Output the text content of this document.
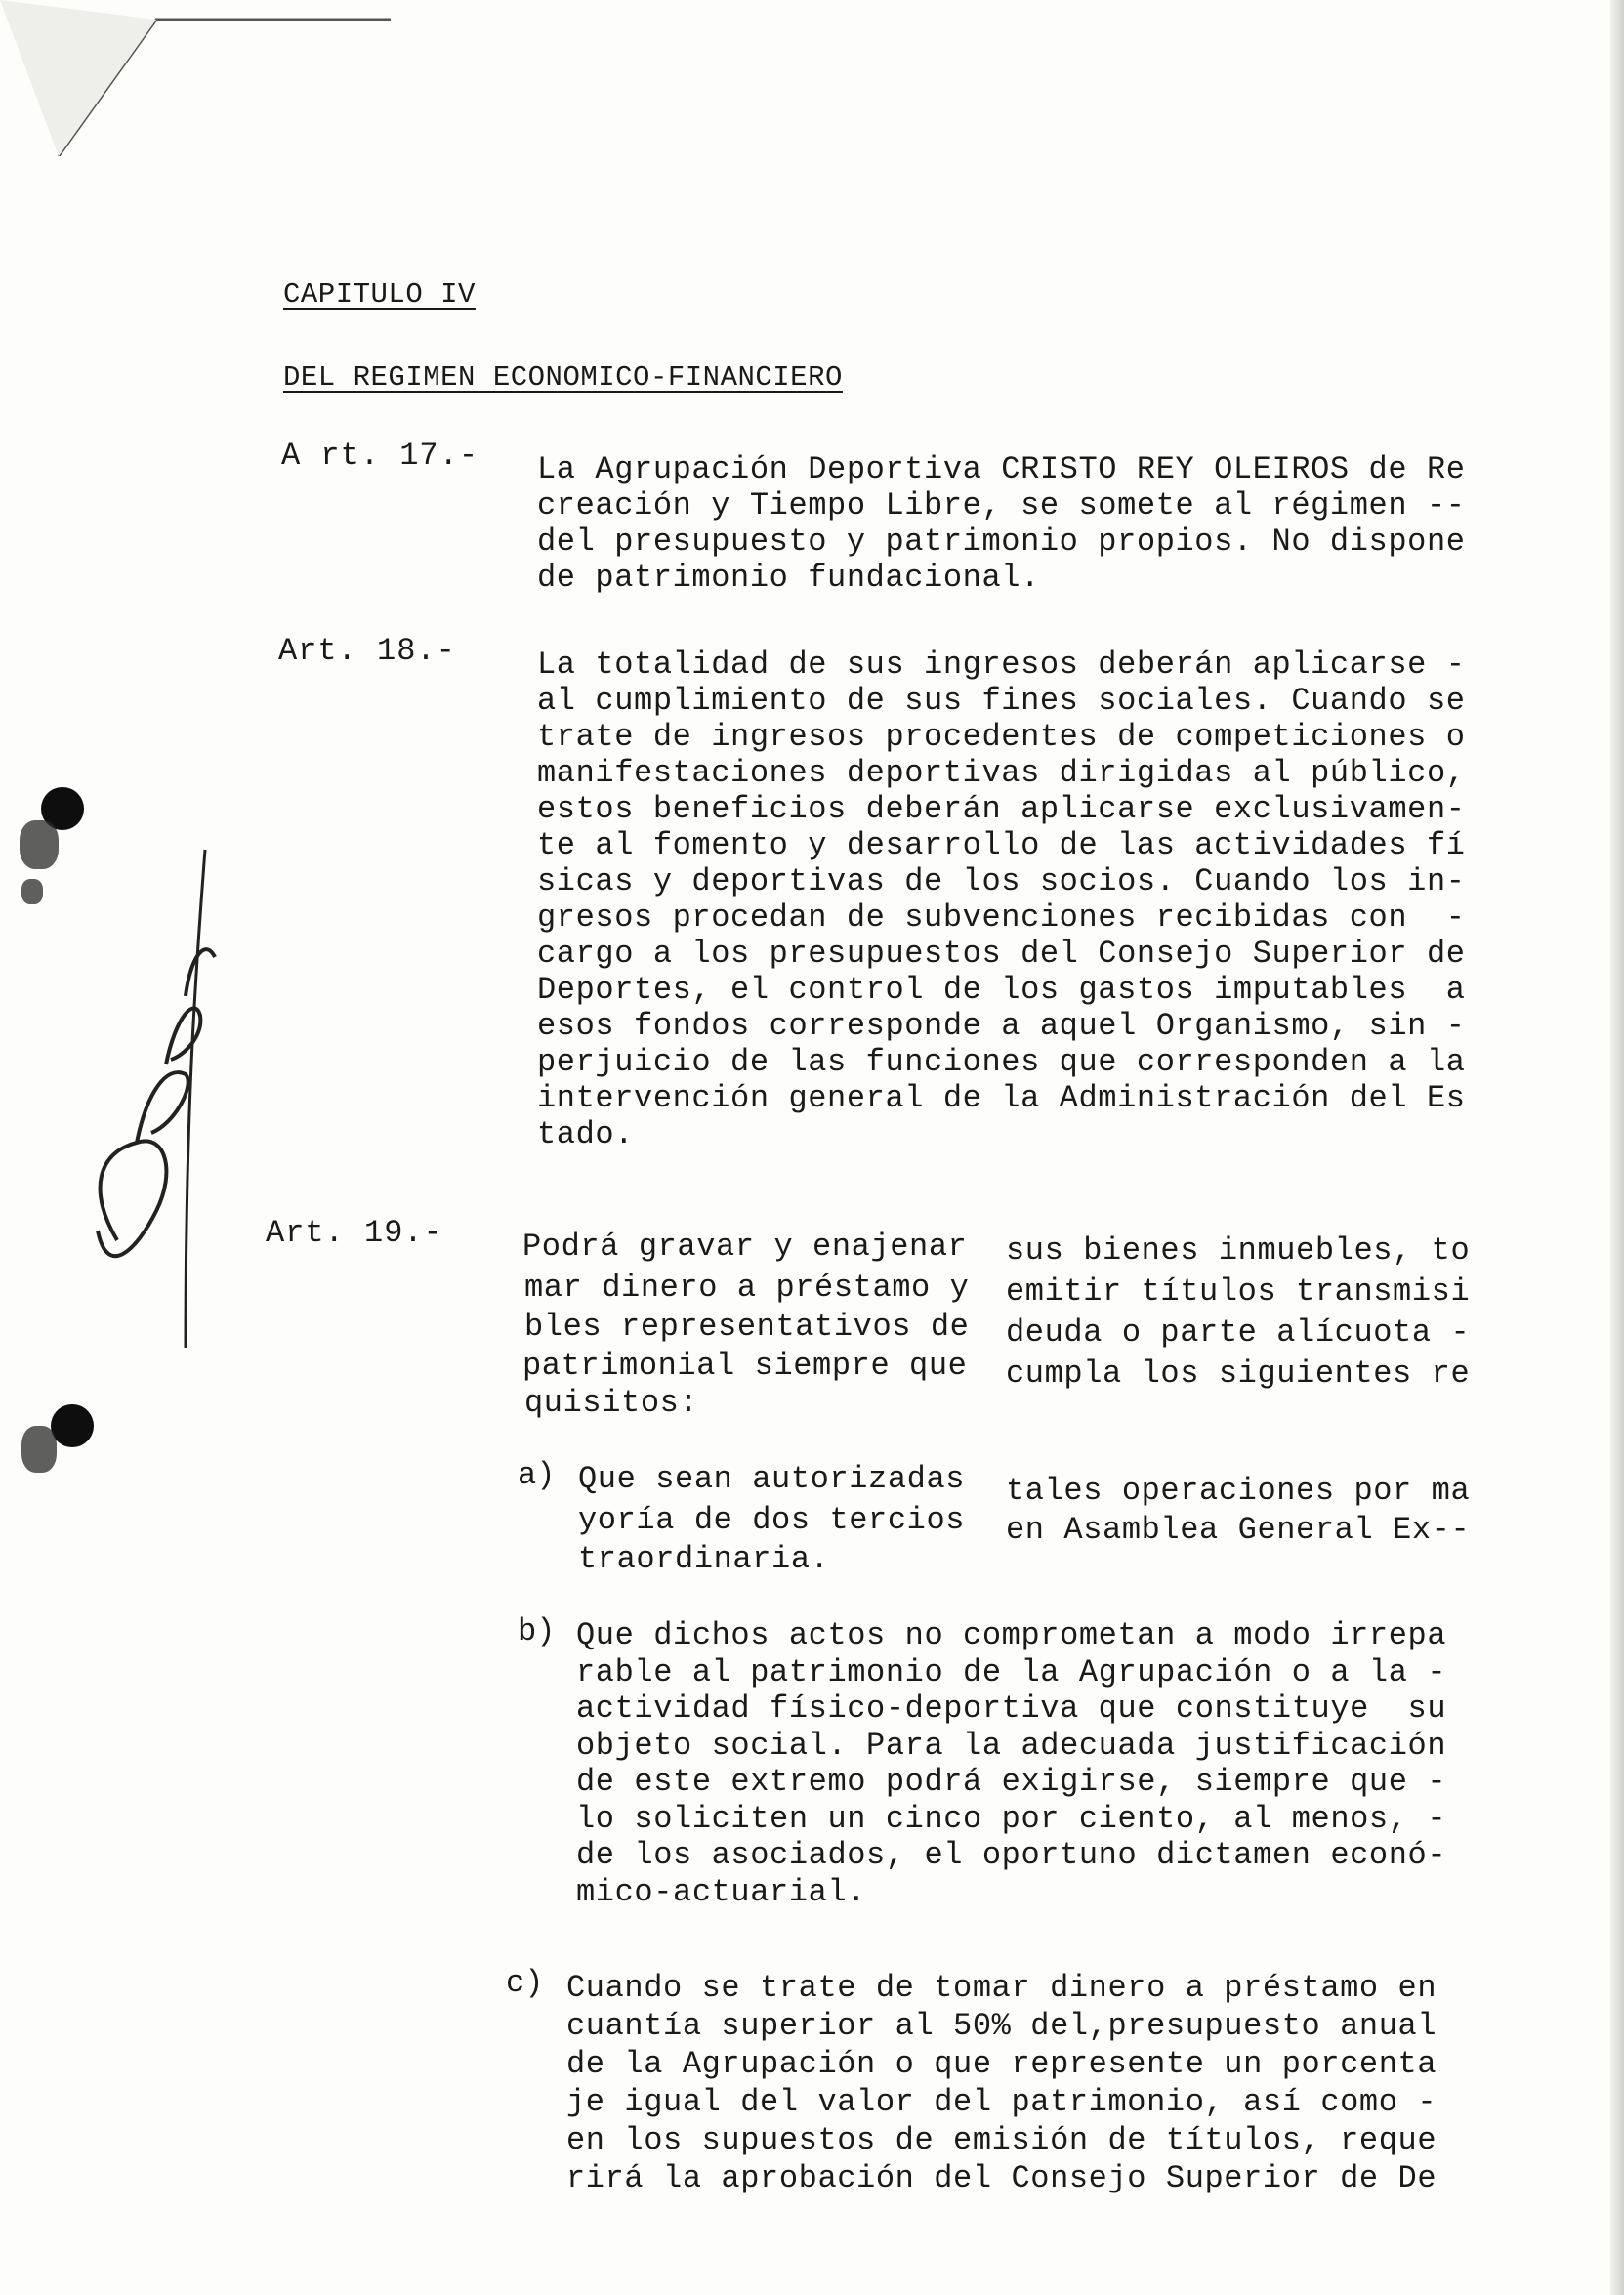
CAPITULO IV
DEL REGIMEN ECONOMICO-FINANCIERO
A rt. 17.- La Agrupación Deportiva CRISTO REY OLEIROS de Re
creación y Tiempo Libre, se somete al régimen --
del presupuesto y patrimonio propios. No dispone
de patrimonio fundacional.
Art. 18.-	La totalidad de sus ingresos deberán aplicarse -
al cumplimiento de sus fines sociales. Cuando se
trate de ingresos procedentes de competiciones o
manifestaciones deportivas dirigidas al público,
estos beneficios deberán aplicarse exclusivamen-
te al fomento y desarrollo de las actividades fí
sicas y deportivas de los socios. Cuando los in-
gresos procedan de subvenciones recibidas con  -
cargo a los presupuestos del Consejo Superior de
Deportes, el control de los gastos imputables  a
esos fondos corresponde a aquel Organismo, sin -
perjuicio de las funciones que corresponden a la
intervención general de la Administración del Es
tado.
Art. 19.-	Podrá gravar y enajenar sus bienes inmuebles, to
mar dinero a préstamo y emitir títulos transmisi
bles representativos de deuda o parte alícuota -
patrimonial siempre que cumpla los siguientes re
quisitos:
a) Que sean autorizadas tales operaciones por ma
yoría de dos tercios en Asamblea General Ex--
traordinaria.
b) Que dichos actos no comprometan a modo irrepa
rable al patrimonio de la Agrupación o a la -
actividad físico-deportiva que constituye  su
objeto social. Para la adecuada justificación
de este extremo podrá exigirse, siempre que -
lo soliciten un cinco por ciento, al menos, -
de los asociados, el oportuno dictamen econó-
mico-actuarial.
c) Cuando se trate de tomar dinero a préstamo en
cuantía superior al 50% del,presupuesto anual
de la Agrupación o que represente un porcenta
je igual del valor del patrimonio, así como -
en los supuestos de emisión de títulos, reque
rirá la aprobación del Consejo Superior de De
